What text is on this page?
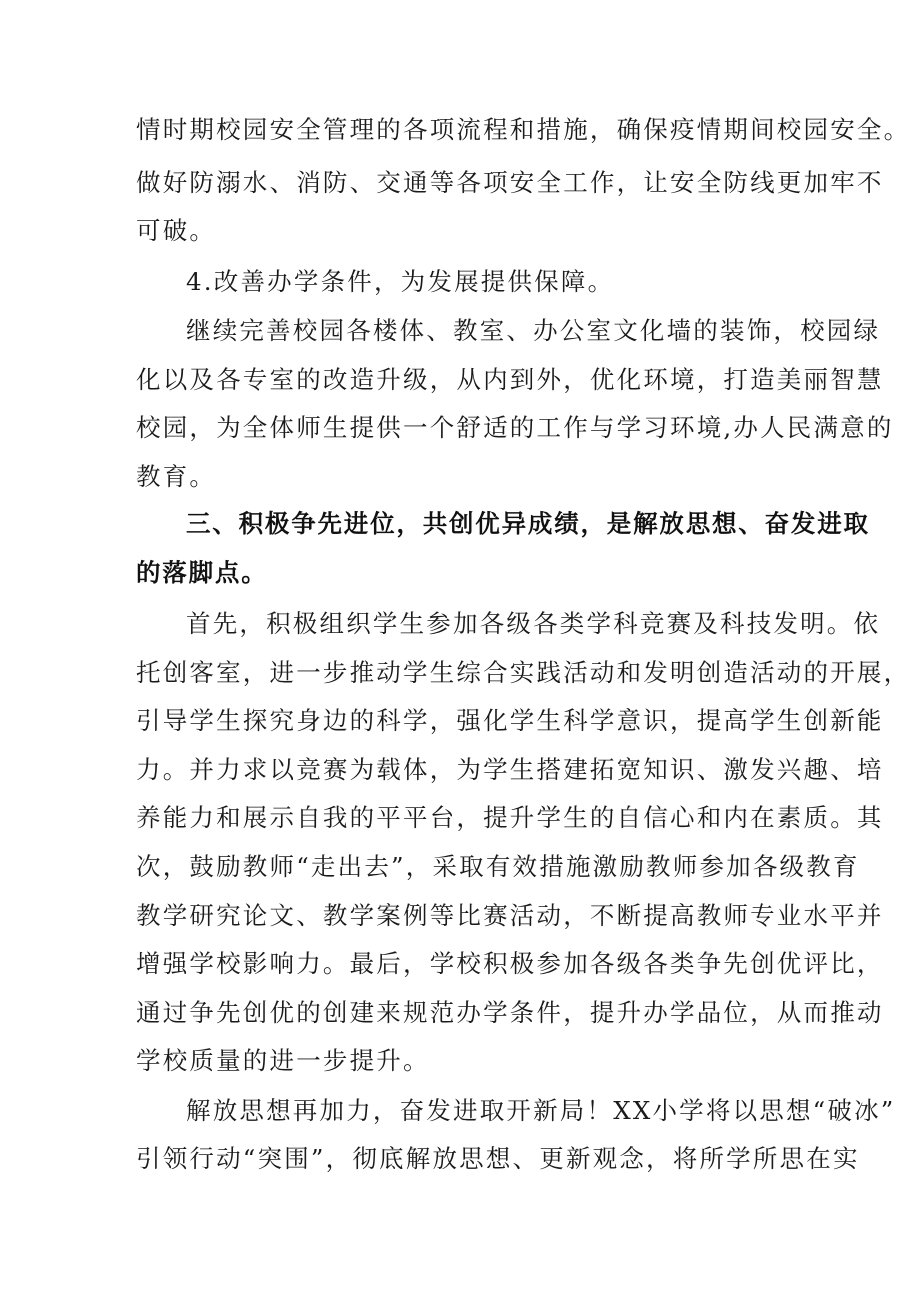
情时期校园安全管理的各项流程和措施，确保疫情期间校园安全。
做好防溺水、消防、交通等各项安全工作，让安全防线更加牢不
可破。
4.改善办学条件，为发展提供保障。
继续完善校园各楼体、教室、办公室文化墙的装饰，校园绿
化以及各专室的改造升级，从内到外，优化环境，打造美丽智慧
校园，为全体师生提供一个舒适的工作与学习环境,办人民满意的
教育。
三、积极争先进位，共创优异成绩，是解放思想、奋发进取
的落脚点。
首先，积极组织学生参加各级各类学科竞赛及科技发明。依
托创客室，进一步推动学生综合实践活动和发明创造活动的开展，
引导学生探究身边的科学，强化学生科学意识，提高学生创新能
力。并力求以竞赛为载体，为学生搭建拓宽知识、激发兴趣、培
养能力和展示自我的平平台，提升学生的自信心和内在素质。其
次，鼓励教师“走出去”，采取有效措施激励教师参加各级教育
教学研究论文、教学案例等比赛活动，不断提高教师专业水平并
增强学校影响力。最后，学校积极参加各级各类争先创优评比，
通过争先创优的创建来规范办学条件，提升办学品位，从而推动
学校质量的进一步提升。
解放思想再加力，奋发进取开新局！XX小学将以思想“破冰”
引领行动“突围”，彻底解放思想、更新观念，将所学所思在实
